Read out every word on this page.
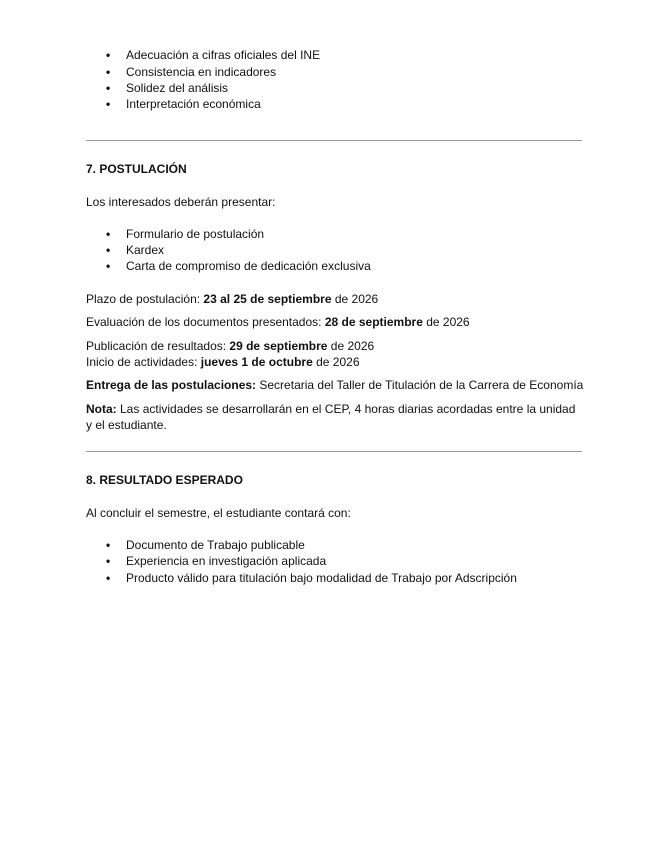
Adecuación a cifras oficiales del INE
Consistencia en indicadores
Solidez del análisis
Interpretación económica
7. POSTULACIÓN
Los interesados deberán presentar:
Formulario de postulación
Kardex
Carta de compromiso de dedicación exclusiva
Plazo de postulación: 23 al 25 de septiembre de 2026
Evaluación de los documentos presentados: 28 de septiembre de 2026
Publicación de resultados: 29 de septiembre de 2026
Inicio de actividades: jueves 1 de octubre de 2026
Entrega de las postulaciones: Secretaria del Taller de Titulación de la Carrera de Economía
Nota: Las actividades se desarrollarán en el CEP, 4 horas diarias acordadas entre la unidad y el estudiante.
8. RESULTADO ESPERADO
Al concluir el semestre, el estudiante contará con:
Documento de Trabajo publicable
Experiencia en investigación aplicada
Producto válido para titulación bajo modalidad de Trabajo por Adscripción
